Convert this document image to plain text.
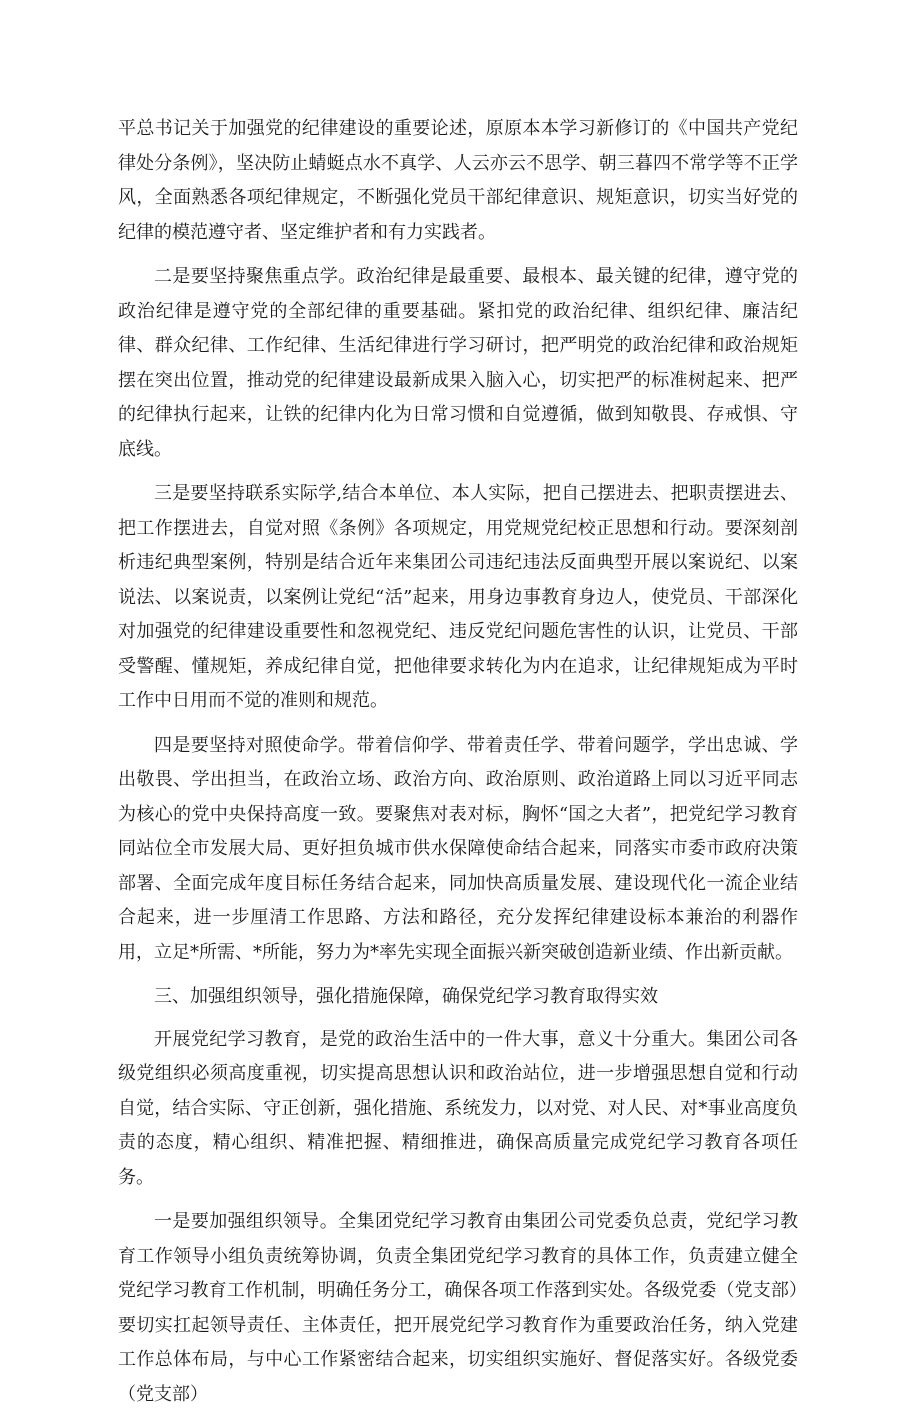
平总书记关于加强党的纪律建设的重要论述，原原本本学习新修订的《中国共产党纪律处分条例》，坚决防止蜻蜓点水不真学、人云亦云不思学、朝三暮四不常学等不正学风，全面熟悉各项纪律规定，不断强化党员干部纪律意识、规矩意识，切实当好党的纪律的模范遵守者、坚定维护者和有力实践者。

二是要坚持聚焦重点学。政治纪律是最重要、最根本、最关键的纪律，遵守党的政治纪律是遵守党的全部纪律的重要基础。紧扣党的政治纪律、组织纪律、廉洁纪律、群众纪律、工作纪律、生活纪律进行学习研讨，把严明党的政治纪律和政治规矩摆在突出位置，推动党的纪律建设最新成果入脑入心，切实把严的标准树起来、把严的纪律执行起来，让铁的纪律内化为日常习惯和自觉遵循，做到知敬畏、存戒惧、守底线。

三是要坚持联系实际学,结合本单位、本人实际，把自己摆进去、把职责摆进去、把工作摆进去，自觉对照《条例》各项规定，用党规党纪校正思想和行动。要深刻剖析违纪典型案例，特别是结合近年来集团公司违纪违法反面典型开展以案说纪、以案说法、以案说责，以案例让党纪“活”起来，用身边事教育身边人，使党员、干部深化对加强党的纪律建设重要性和忽视党纪、违反党纪问题危害性的认识，让党员、干部受警醒、懂规矩，养成纪律自觉，把他律要求转化为内在追求，让纪律规矩成为平时工作中日用而不觉的准则和规范。

四是要坚持对照使命学。带着信仰学、带着责任学、带着问题学，学出忠诚、学出敬畏、学出担当，在政治立场、政治方向、政治原则、政治道路上同以习近平同志为核心的党中央保持高度一致。要聚焦对表对标，胸怀“国之大者”，把党纪学习教育同站位全市发展大局、更好担负城市供水保障使命结合起来，同落实市委市政府决策部署、全面完成年度目标任务结合起来，同加快高质量发展、建设现代化一流企业结合起来，进一步厘清工作思路、方法和路径，充分发挥纪律建设标本兼治的利器作用，立足*所需、*所能，努力为*率先实现全面振兴新突破创造新业绩、作出新贡献。

三、加强组织领导，强化措施保障，确保党纪学习教育取得实效

开展党纪学习教育，是党的政治生活中的一件大事，意义十分重大。集团公司各级党组织必须高度重视，切实提高思想认识和政治站位，进一步增强思想自觉和行动自觉，结合实际、守正创新，强化措施、系统发力，以对党、对人民、对*事业高度负责的态度，精心组织、精准把握、精细推进，确保高质量完成党纪学习教育各项任务。

一是要加强组织领导。全集团党纪学习教育由集团公司党委负总责，党纪学习教育工作领导小组负责统筹协调，负责全集团党纪学习教育的具体工作，负责建立健全党纪学习教育工作机制，明确任务分工，确保各项工作落到实处。各级党委（党支部）要切实扛起领导责任、主体责任，把开展党纪学习教育作为重要政治任务，纳入党建工作总体布局，与中心工作紧密结合起来，切实组织实施好、督促落实好。各级党委（党支部）
